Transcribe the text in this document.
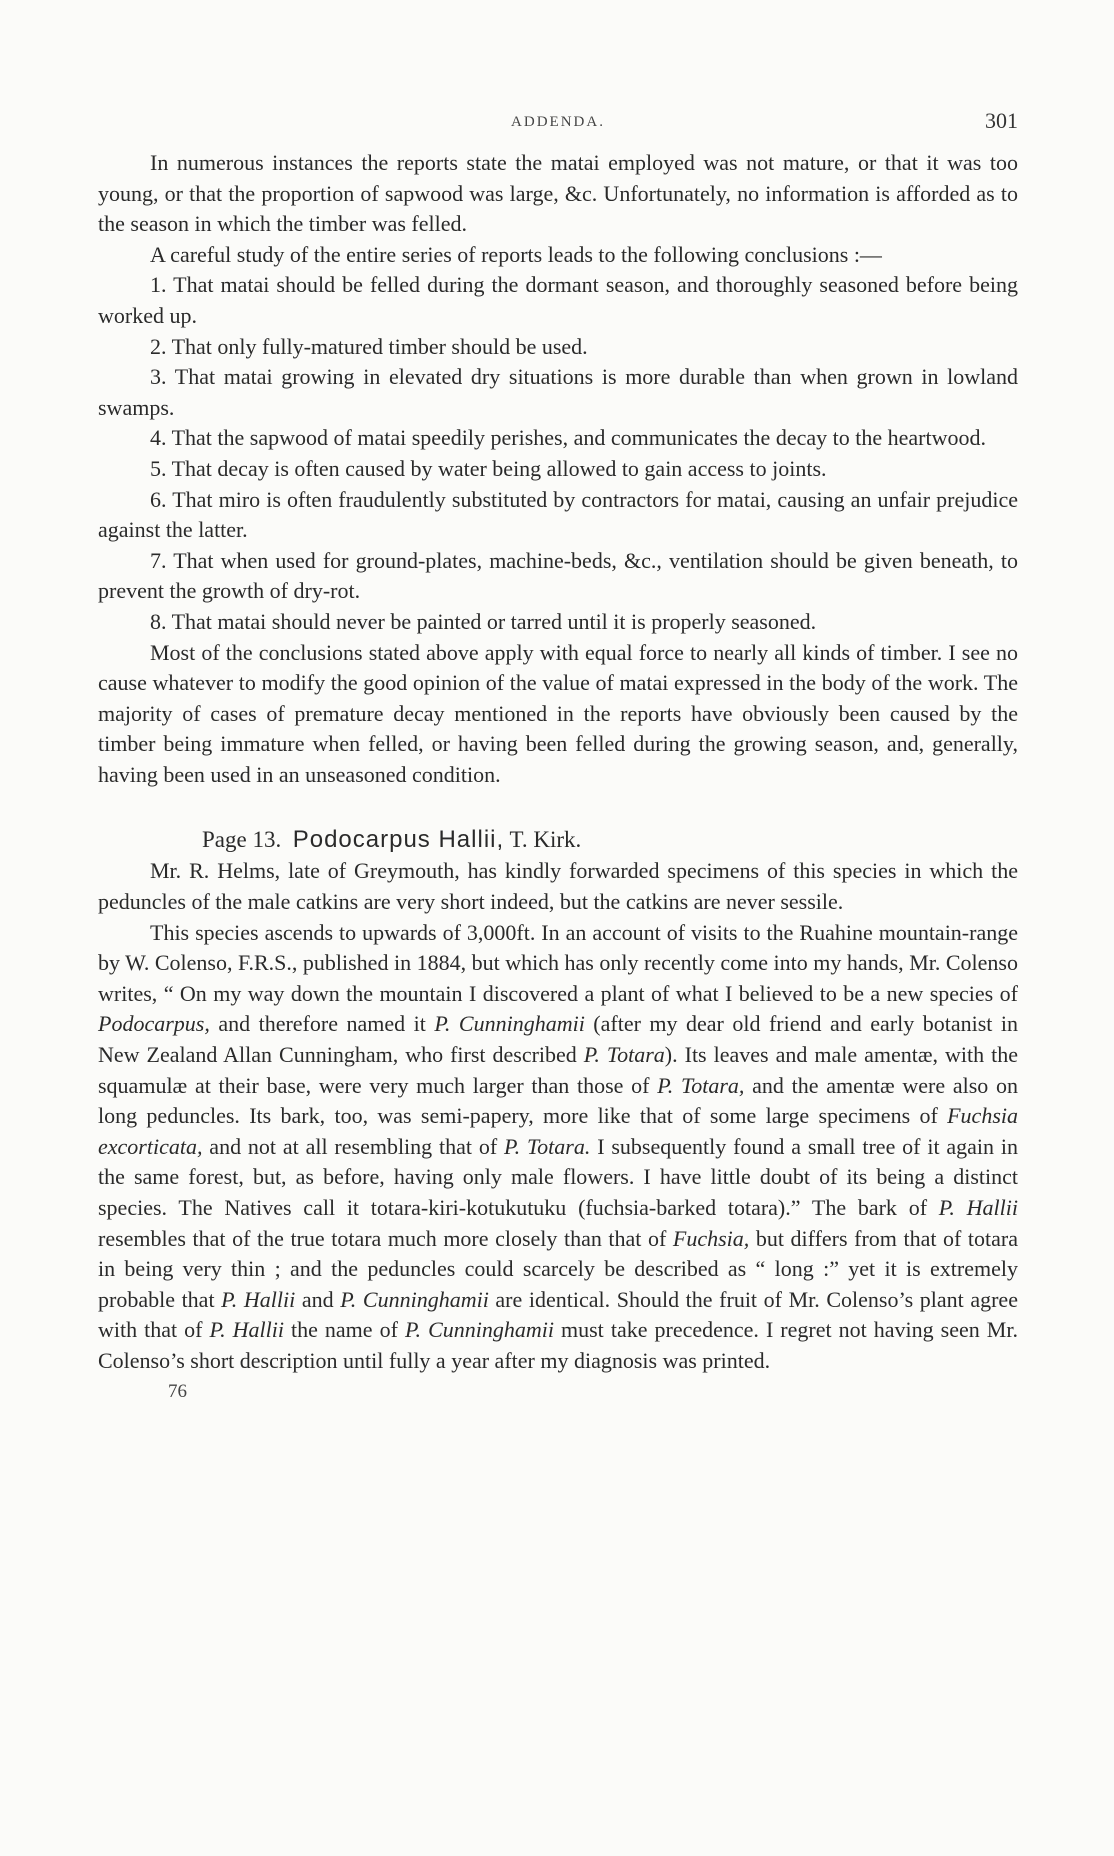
ADDENDA.	301

In numerous instances the reports state the matai employed was not mature, or that it was too young, or that the proportion of sapwood was large, &c. Unfortunately, no information is afforded as to the season in which the timber was felled.

A careful study of the entire series of reports leads to the following conclusions :—

1. That matai should be felled during the dormant season, and thoroughly seasoned before being worked up.

2. That only fully-matured timber should be used.

3. That matai growing in elevated dry situations is more durable than when grown in lowland swamps.

4. That the sapwood of matai speedily perishes, and communicates the decay to the heartwood.

5. That decay is often caused by water being allowed to gain access to joints.

6. That miro is often fraudulently substituted by contractors for matai, causing an unfair prejudice against the latter.

7. That when used for ground-plates, machine-beds, &c., ventilation should be given beneath, to prevent the growth of dry-rot.

8. That matai should never be painted or tarred until it is properly seasoned.

Most of the conclusions stated above apply with equal force to nearly all kinds of timber. I see no cause whatever to modify the good opinion of the value of matai expressed in the body of the work. The majority of cases of premature decay mentioned in the reports have obviously been caused by the timber being immature when felled, or having been felled during the growing season, and, generally, having been used in an unseasoned condition.

Page 13. Podocarpus Hallii, T. Kirk.

Mr. R. Helms, late of Greymouth, has kindly forwarded specimens of this species in which the peduncles of the male catkins are very short indeed, but the catkins are never sessile.

This species ascends to upwards of 3,000ft. In an account of visits to the Ruahine mountain-range by W. Colenso, F.R.S., published in 1884, but which has only recently come into my hands, Mr. Colenso writes, “ On my way down the mountain I discovered a plant of what I believed to be a new species of Podocarpus, and therefore named it P. Cunninghamii (after my dear old friend and early botanist in New Zealand Allan Cunningham, who first described P. Totara). Its leaves and male amentæ, with the squamulæ at their base, were very much larger than those of P. Totara, and the amentæ were also on long peduncles. Its bark, too, was semi-papery, more like that of some large specimens of Fuchsia excorticata, and not at all resembling that of P. Totara. I subsequently found a small tree of it again in the same forest, but, as before, having only male flowers. I have little doubt of its being a distinct species. The Natives call it totara-kiri-kotukutuku (fuchsia-barked totara).” The bark of P. Hallii resembles that of the true totara much more closely than that of Fuchsia, but differs from that of totara in being very thin ; and the peduncles could scarcely be described as “ long :” yet it is extremely probable that P. Hallii and P. Cunninghamii are identical. Should the fruit of Mr. Colenso’s plant agree with that of P. Hallii the name of P. Cunninghamii must take precedence. I regret not having seen Mr. Colenso’s short description until fully a year after my diagnosis was printed.

76
